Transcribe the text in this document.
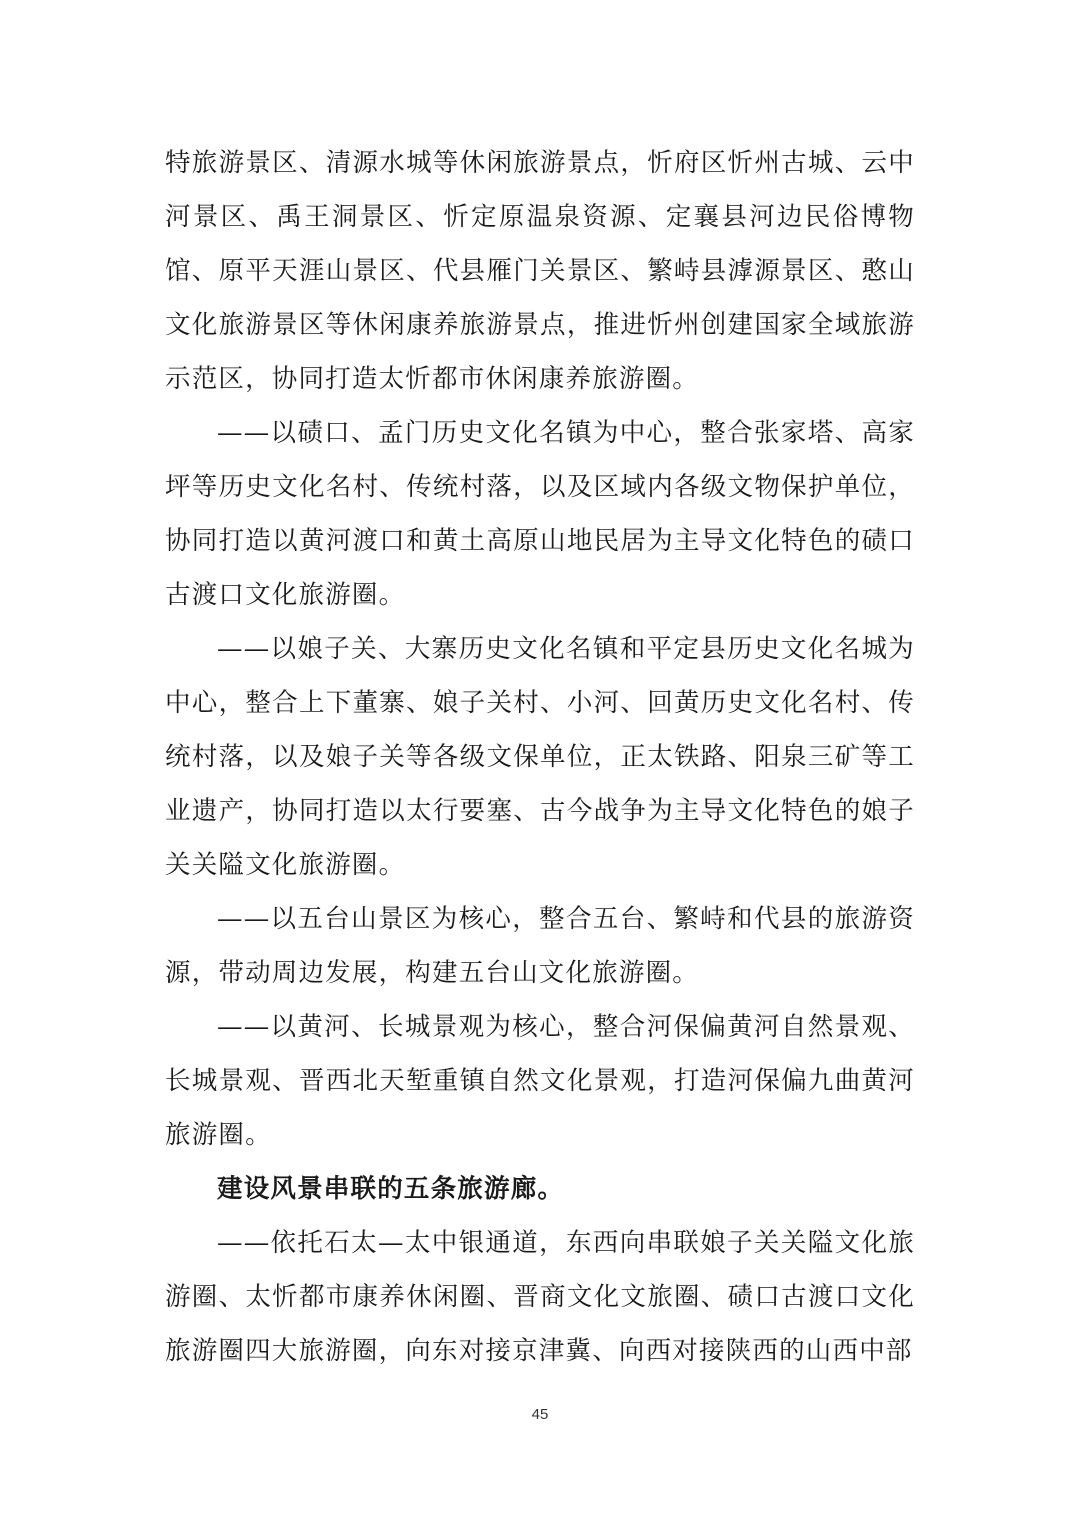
特旅游景区、清源水城等休闲旅游景点，忻府区忻州古城、云中河景区、禹王洞景区、忻定原温泉资源、定襄县河边民俗博物馆、原平天涯山景区、代县雁门关景区、繁峙县滹源景区、憨山文化旅游景区等休闲康养旅游景点，推进忻州创建国家全域旅游示范区，协同打造太忻都市休闲康养旅游圈。

——以碛口、孟门历史文化名镇为中心，整合张家塔、高家坪等历史文化名村、传统村落，以及区域内各级文物保护单位，协同打造以黄河渡口和黄土高原山地民居为主导文化特色的碛口古渡口文化旅游圈。

——以娘子关、大寨历史文化名镇和平定县历史文化名城为中心，整合上下董寨、娘子关村、小河、回黄历史文化名村、传统村落，以及娘子关等各级文保单位，正太铁路、阳泉三矿等工业遗产，协同打造以太行要塞、古今战争为主导文化特色的娘子关关隘文化旅游圈。

——以五台山景区为核心，整合五台、繁峙和代县的旅游资源，带动周边发展，构建五台山文化旅游圈。

——以黄河、长城景观为核心，整合河保偏黄河自然景观、长城景观、晋西北天堑重镇自然文化景观，打造河保偏九曲黄河旅游圈。

建设风景串联的五条旅游廊。

——依托石太—太中银通道，东西向串联娘子关关隘文化旅游圈、太忻都市康养休闲圈、晋商文化文旅圈、碛口古渡口文化旅游圈四大旅游圈，向东对接京津冀、向西对接陕西的山西中部

45
